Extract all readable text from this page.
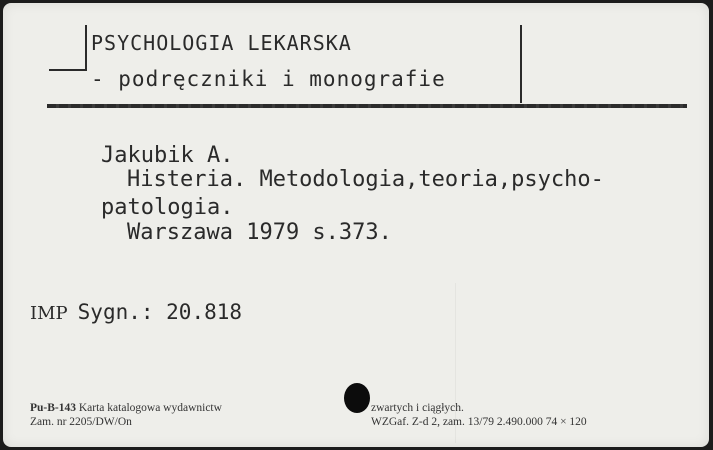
PSYCHOLOGIA LEKARSKA
- podręczniki i monografie
Jakubik A.
Histeria. Metodologia,teoria,psycho-
patologia.
Warszawa 1979 s.373.
IMP Sygn.: 20.818
Pu-B-143 Karta katalogowa wydawnictw
Zam. nr 2205/DW/On
zwartych i ciągłych.
WZGaf. Z-d 2, zam. 13/79 2.490.000 74 × 120
